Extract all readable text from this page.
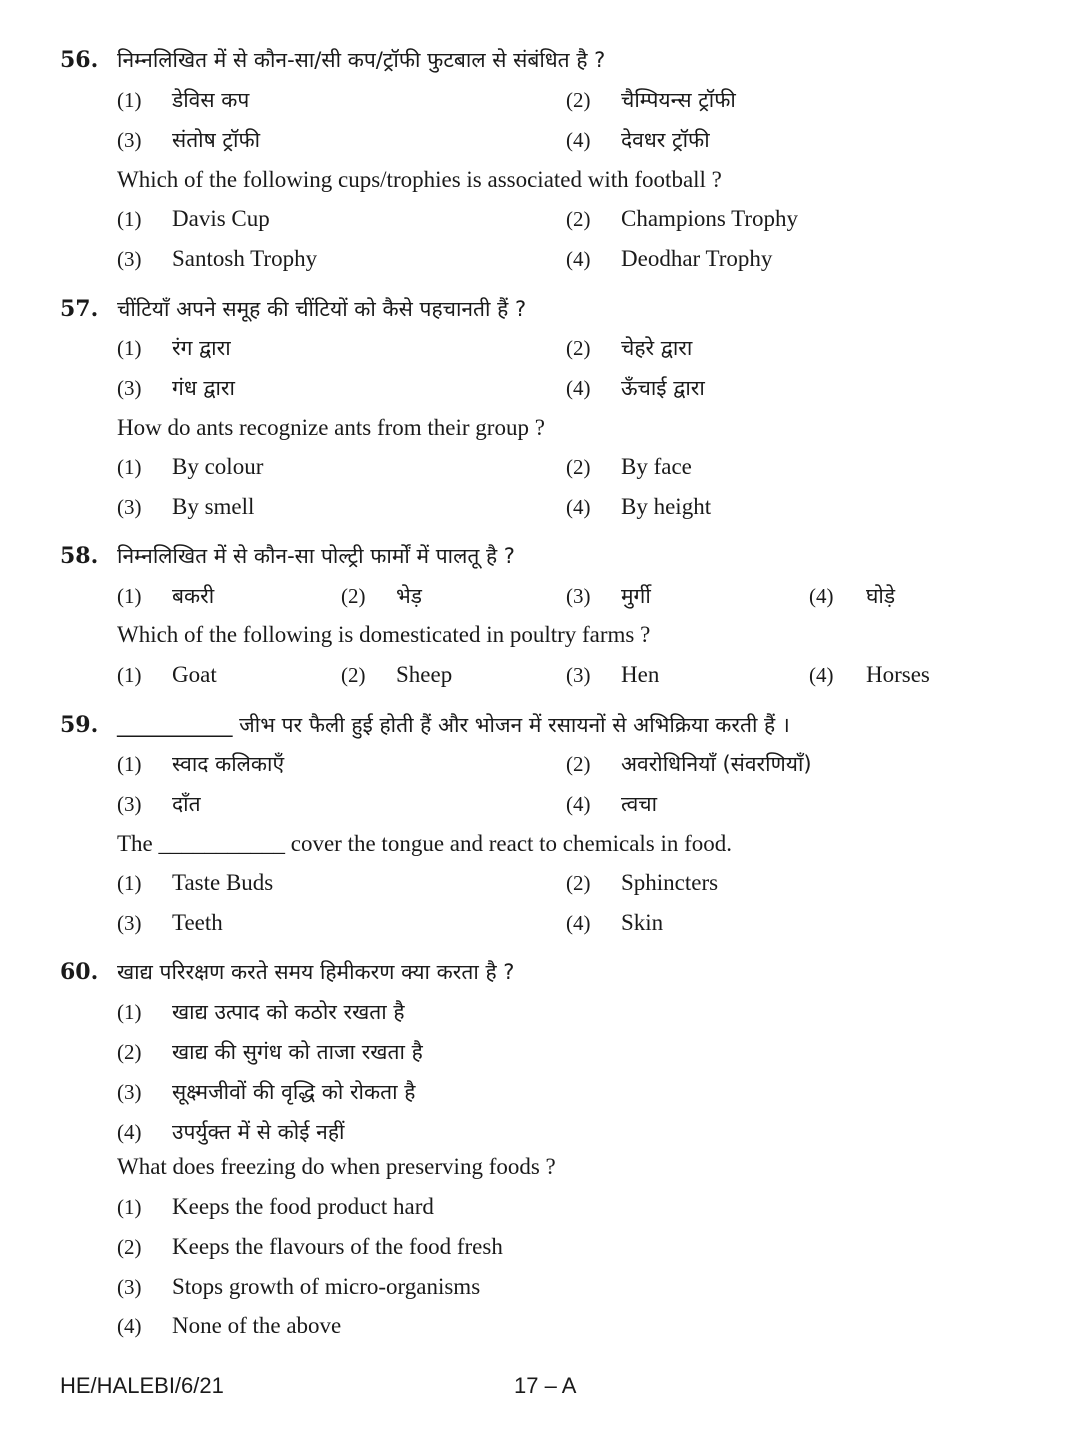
56. निम्नलिखित में से कौन-सा/सी कप/ट्रॉफी फुटबाल से संबंधित है ?
(1) डेविस कप	(2) चैम्पियन्स ट्रॉफी
(3) संतोष ट्रॉफी	(4) देवधर ट्रॉफी
Which of the following cups/trophies is associated with football ?
(1) Davis Cup	(2) Champions Trophy
(3) Santosh Trophy	(4) Deodhar Trophy
57. चींटियाँ अपने समूह की चींटियों को कैसे पहचानती हैं ?
(1) रंग द्वारा	(2) चेहरे द्वारा
(3) गंध द्वारा	(4) ऊँचाई द्वारा
How do ants recognize ants from their group ?
(1) By colour	(2) By face
(3) By smell	(4) By height
58. निम्नलिखित में से कौन-सा पोल्ट्री फार्मों में पालतू है ?
(1) बकरी	(2) भेड़	(3) मुर्गी	(4) घोड़े
Which of the following is domesticated in poultry farms ?
(1) Goat	(2) Sheep	(3) Hen	(4) Horses
59. ___________ जीभ पर फैली हुई होती हैं और भोजन में रसायनों से अभिक्रिया करती हैं ।
(1) स्वाद कलिकाएँ	(2) अवरोधिनियाँ (संवरणियाँ)
(3) दाँत	(4) त्वचा
The ___________ cover the tongue and react to chemicals in food.
(1) Taste Buds	(2) Sphincters
(3) Teeth	(4) Skin
60. खाद्य परिरक्षण करते समय हिमीकरण क्या करता है ?
(1) खाद्य उत्पाद को कठोर रखता है
(2) खाद्य की सुगंध को ताजा रखता है
(3) सूक्ष्मजीवों की वृद्धि को रोकता है
(4) उपर्युक्त में से कोई नहीं
What does freezing do when preserving foods ?
(1) Keeps the food product hard
(2) Keeps the flavours of the food fresh
(3) Stops growth of micro-organisms
(4) None of the above
HE/HALEBI/6/21	17 – A
